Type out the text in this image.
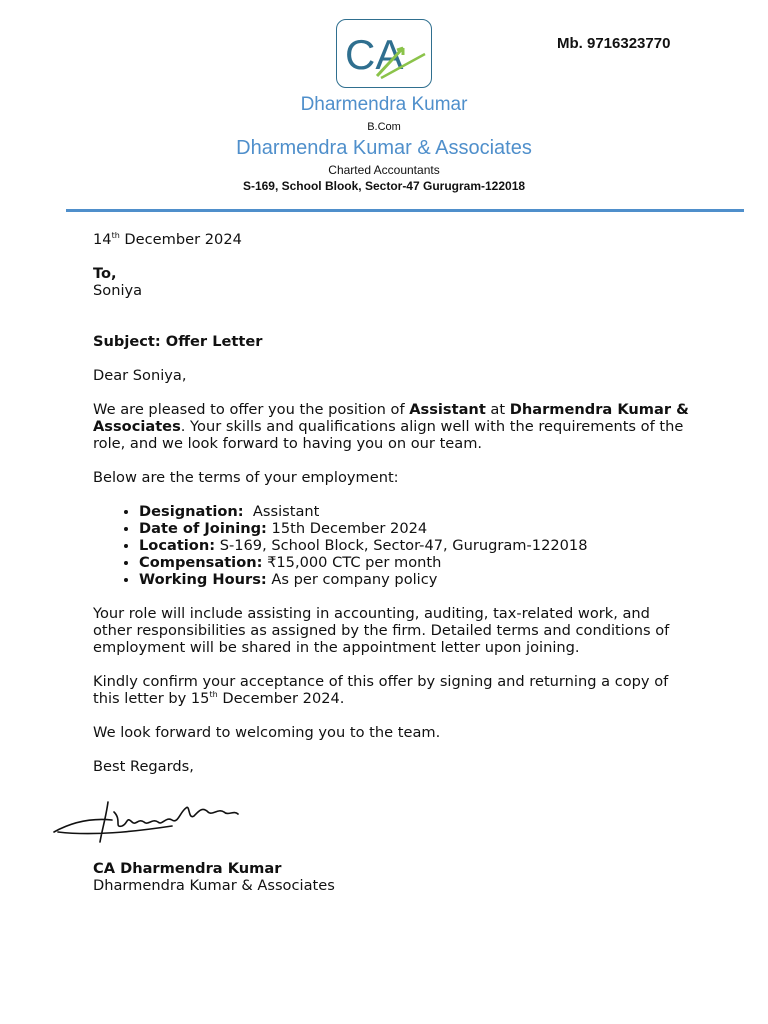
CA	Mb. 9716323770
Dharmendra Kumar
B.Com
Dharmendra Kumar & Associates
Charted Accountants
S-169, School Blook, Sector-47 Gurugram-122018

14th December 2024

To,

Soniya

Subject: Offer Letter

Dear Soniya,

We are pleased to offer you the position of Assistant at Dharmendra Kumar & Associates. Your skills and qualifications align well with the requirements of the role, and we look forward to having you on our team.

Below are the terms of your employment:

• Designation:  Assistant
• Date of Joining: 15th December 2024
• Location: S-169, School Block, Sector-47, Gurugram-122018
• Compensation: ₹15,000 CTC per month
• Working Hours: As per company policy

Your role will include assisting in accounting, auditing, tax-related work, and other responsibilities as assigned by the firm. Detailed terms and conditions of employment will be shared in the appointment letter upon joining.

Kindly confirm your acceptance of this offer by signing and returning a copy of this letter by 15th December 2024.

We look forward to welcoming you to the team.

Best Regards,

CA Dharmendra Kumar

Dharmendra Kumar & Associates
